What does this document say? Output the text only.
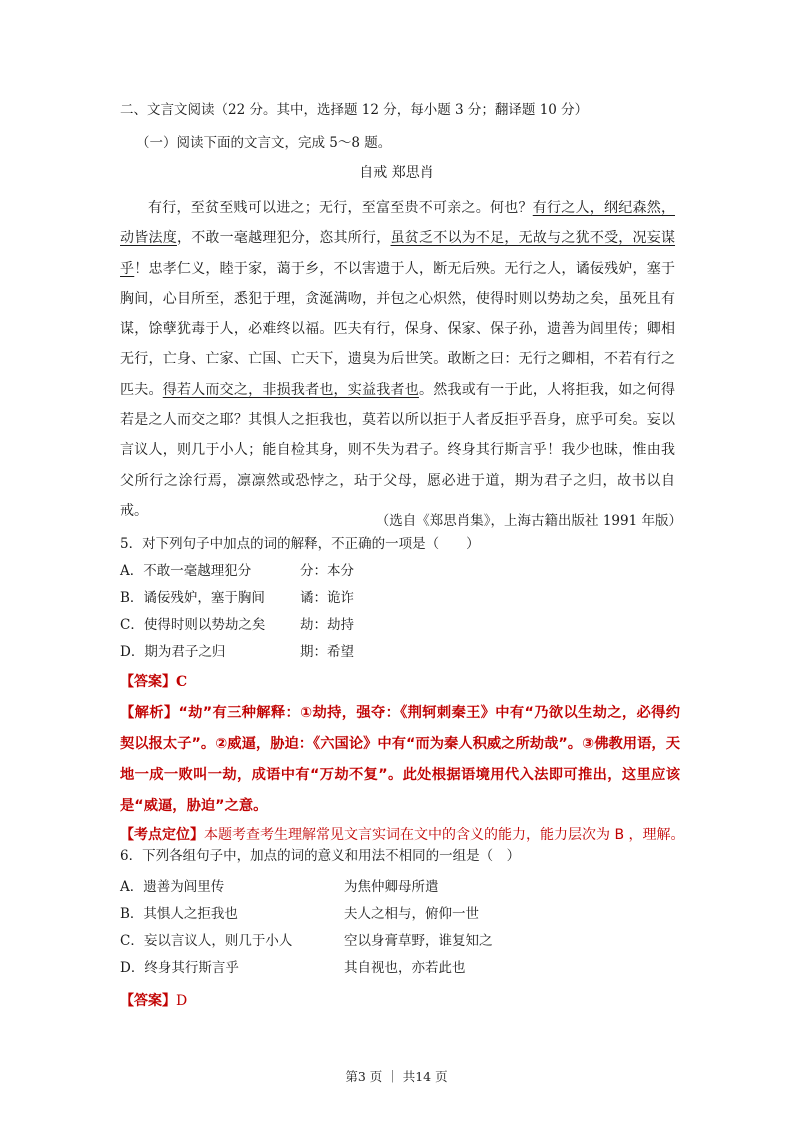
二、文言文阅读（22 分。其中，选择题 12 分，每小题 3 分；翻译题 10 分）
（一）阅读下面的文言文，完成 5～8 题。
自戒 郑思肖
有行，至贫至贱可以进之；无行，至富至贵不可亲之。何也？有行之人，纲纪森然，动皆法度，不敢一毫越理犯分，恣其所行，虽贫乏不以为不足，无故与之犹不受，况妄谋乎！忠孝仁义，睦于家，蔼于乡，不以害遗于人，断无后殃。无行之人，谲佞残妒，塞于胸间，心目所至，悉犯于理，贪涎满吻，并包之心炽然，使得时则以势劫之矣，虽死且有谋，馀孽犹毒于人，必难终以福。匹夫有行，保身、保家、保子孙，遗善为闾里传；卿相无行，亡身、亡家、亡国、亡天下，遗臭为后世笑。敢断之曰：无行之卿相，不若有行之匹夫。得若人而交之，非损我者也，实益我者也。然我或有一于此，人将拒我，如之何得若是之人而交之耶？其惧人之拒我也，莫若以所以拒于人者反拒乎吾身，庶乎可矣。妄以言议人，则几于小人；能自检其身，则不失为君子。终身其行斯言乎！我少也昧，惟由我父所行之涂行焉，凛凛然或恐悖之，玷于父母，愿必进于道，期为君子之归，故书以自戒。
（选自《郑思肖集》，上海古籍出版社 1991 年版）
5．对下列句子中加点的词的解释，不正确的一项是（　　）
A．不敢一毫越理犯分	分：本分
B．谲佞残妒，塞于胸间	谲：诡诈
C．使得时则以势劫之矣	劫：劫持
D．期为君子之归	期：希望
【答案】C
【解析】“劫”有三种解释：①劫持，强夺：《荆轲刺秦王》中有“乃欲以生劫之，必得约契以报太子”。②威逼，胁迫：《六国论》中有“而为秦人积威之所劫哉”。③佛教用语，天地一成一败叫一劫，成语中有“万劫不复”。此处根据语境用代入法即可推出，这里应该是“威逼，胁迫”之意。
【考点定位】本题考查考生理解常见文言实词在文中的含义的能力，能力层次为 B ，理解。
6．下列各组句子中，加点的词的意义和用法不相同的一组是（　）
A．遗善为闾里传	为焦仲卿母所遣
B．其惧人之拒我也	夫人之相与，俯仰一世
C．妄以言议人，则几于小人	空以身膏草野，谁复知之
D．终身其行斯言乎	其自视也，亦若此也
【答案】D
第3 页 ｜ 共14 页
